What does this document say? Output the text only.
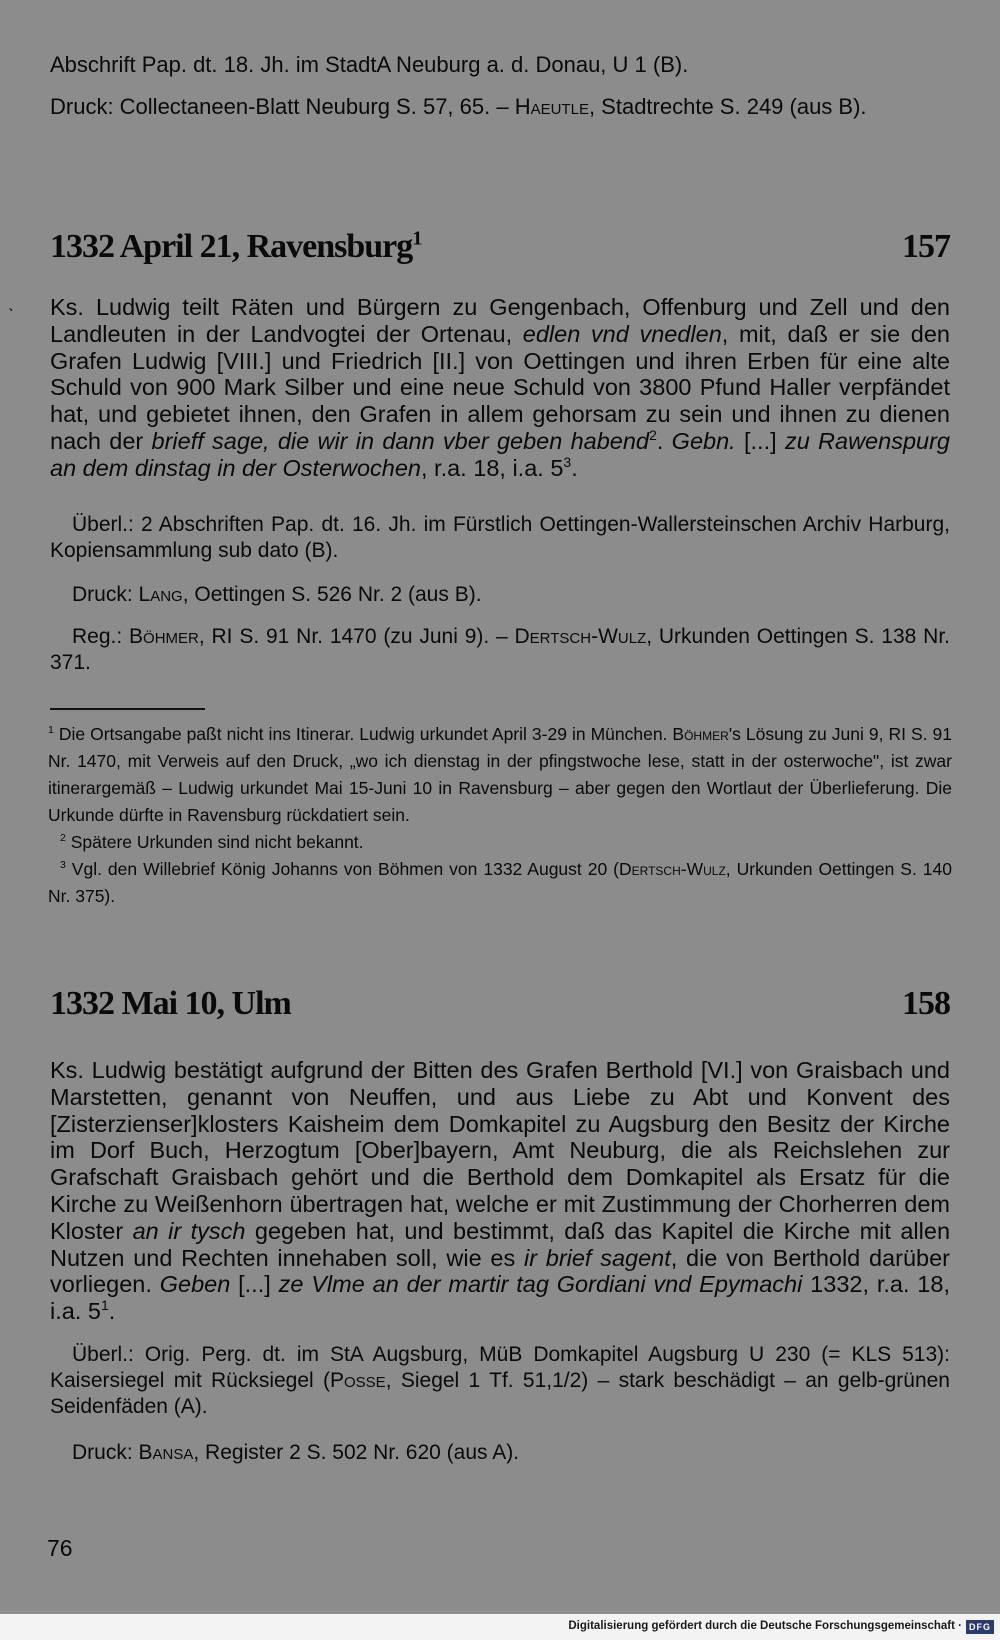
Abschrift Pap. dt. 18. Jh. im StadtA Neuburg a. d. Donau, U 1 (B).
Druck: Collectaneen-Blatt Neuburg S. 57, 65. – Haeutle, Stadtrechte S. 249 (aus B).
1332 April 21, Ravensburg$^1$	157
ˋ Ks. Ludwig teilt Räten und Bürgern zu Gengenbach, Offenburg und Zell und den Landleuten in der Landvogtei der Ortenau, edlen vnd vnedlen, mit, daß er sie den Grafen Ludwig [VIII.] und Friedrich [II.] von Oettingen und ihren Erben für eine alte Schuld von 900 Mark Silber und eine neue Schuld von 3800 Pfund Haller verpfändet hat, und gebietet ihnen, den Grafen in allem gehorsam zu sein und ihnen zu dienen nach der brieff sage, die wir in dann vber geben habend$^2$. Gebn. [...] zu Rawenspurg an dem dinstag in der Osterwochen, r.a. 18, i.a. $5^3$.

Überl.: 2 Abschriften Pap. dt. 16. Jh. im Fürstlich Oettingen-Wallersteinschen Archiv Harburg, Kopiensammlung sub dato (B).

Druck: Lang, Oettingen S. 526 Nr. 2 (aus B).

Reg.: Böhmer, RI S. 91 Nr. 1470 (zu Juni 9). – Dertsch-Wulz, Urkunden Oettingen S. 138 Nr. 371.

$^1$ Die Ortsangabe paßt nicht ins Itinerar. Ludwig urkundet April 3-29 in München. Böhmer's Lösung zu Juni 9, RI S. 91 Nr. 1470, mit Verweis auf den Druck, „wo ich dienstag in der pfingstwoche lese, statt in der osterwoche", ist zwar itinerargemäß – Ludwig urkundet Mai 15-Juni 10 in Ravensburg – aber gegen den Wortlaut der Überlieferung. Die Urkunde dürfte in Ravensburg rückdatiert sein.

$^2$ Spätere Urkunden sind nicht bekannt.

$^3$ Vgl. den Willebrief König Johanns von Böhmen von 1332 August 20 (Dertsch-Wulz, Urkunden Oettingen S. 140 Nr. 375).

1332 Mai 10, Ulm	158

Ks. Ludwig bestätigt aufgrund der Bitten des Grafen Berthold [VI.] von Graisbach und Marstetten, genannt von Neuffen, und aus Liebe zu Abt und Konvent des [Zisterzienser]klosters Kaisheim dem Domkapitel zu Augsburg den Besitz der Kirche im Dorf Buch, Herzogtum [Ober]bayern, Amt Neuburg, die als Reichslehen zur Grafschaft Graisbach gehört und die Berthold dem Domkapitel als Ersatz für die Kirche zu Weißenhorn übertragen hat, welche er mit Zustimmung der Chorherren dem Kloster an ir tysch gegeben hat, und bestimmt, daß das Kapitel die Kirche mit allen Nutzen und Rechten innehaben soll, wie es ir brief sagent, die von Berthold darüber vorliegen. Geben [...] ze Vlme an der martir tag Gordiani vnd Epymachi 1332, r.a. 18, i.a. $5^1$.

Überl.: Orig. Perg. dt. im StA Augsburg, MüB Domkapitel Augsburg U 230 (= KLS 513): Kaisersiegel mit Rücksiegel (Posse, Siegel 1 Tf. 51,1/2) – stark beschädigt – an gelb-grünen Seidenfäden (A).

Druck: Bansa, Register 2 S. 502 Nr. 620 (aus A).

76
Digitalisierung gefördert durch die Deutsche Forschungsgemeinschaft · DFG
